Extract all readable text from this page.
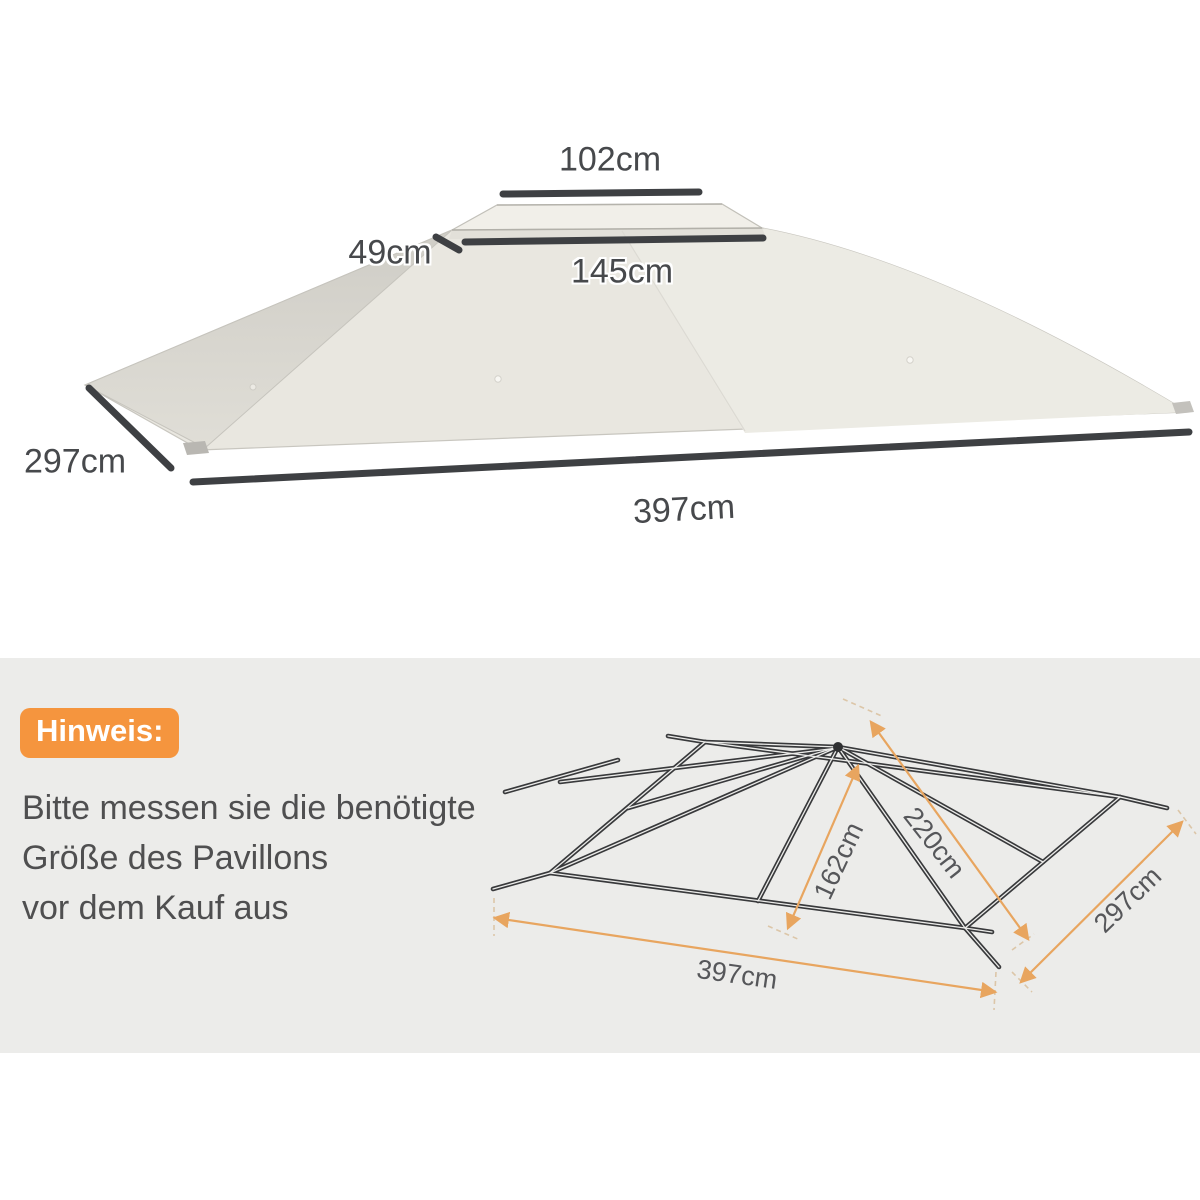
102cm
49cm	145cm
297cm
397cm
Hinweis:
Bitte messen sie die benötigte
Größe des Pavillons
vor dem Kauf aus
162cm 220cm
297cm
397cm
